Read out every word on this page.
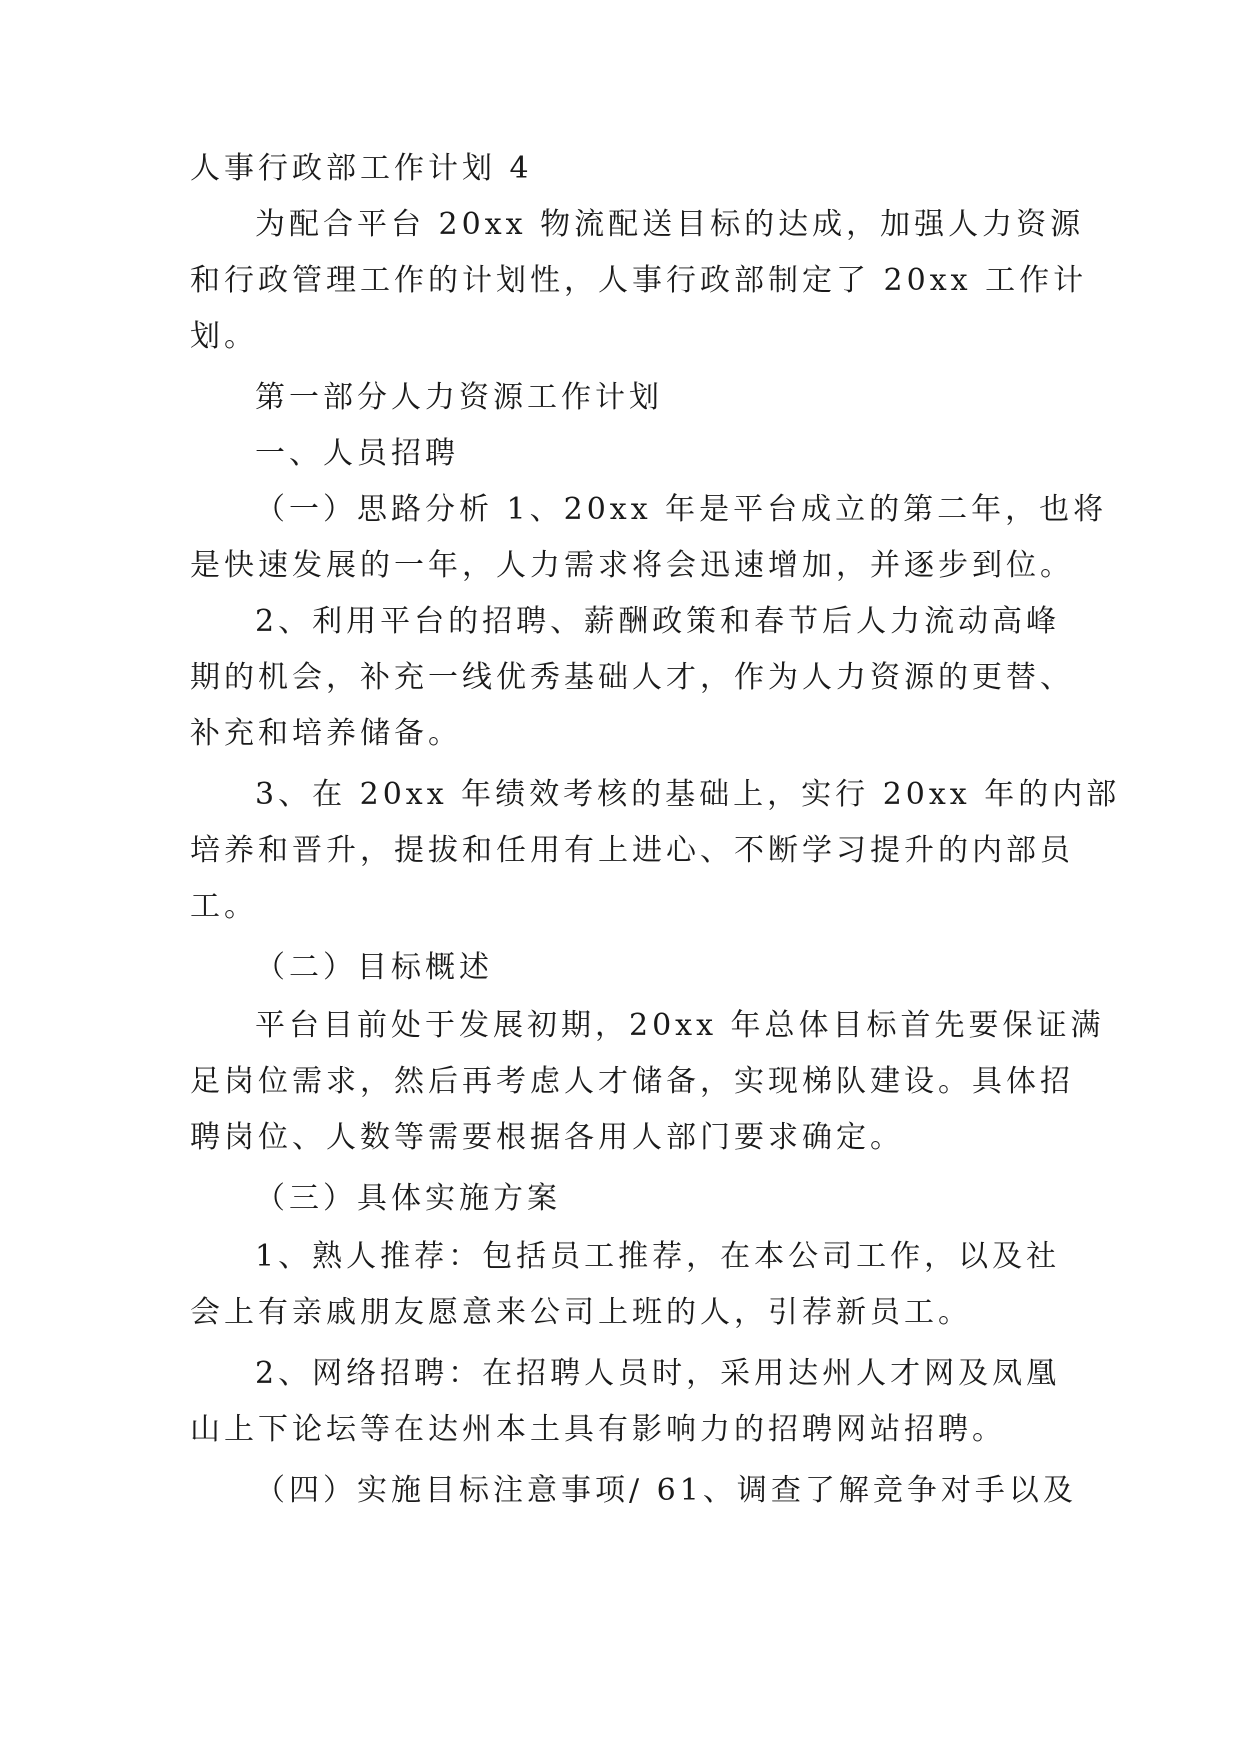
人事行政部工作计划 4
为配合平台 20xx 物流配送目标的达成，加强人力资源
和行政管理工作的计划性，人事行政部制定了 20xx 工作计
划。
第一部分人力资源工作计划
一、人员招聘
（一）思路分析 1、20xx 年是平台成立的第二年，也将
是快速发展的一年，人力需求将会迅速增加，并逐步到位。
2、利用平台的招聘、薪酬政策和春节后人力流动高峰
期的机会，补充一线优秀基础人才，作为人力资源的更替、
补充和培养储备。
3、在 20xx 年绩效考核的基础上，实行 20xx 年的内部
培养和晋升，提拔和任用有上进心、不断学习提升的内部员
工。
（二）目标概述
平台目前处于发展初期，20xx 年总体目标首先要保证满
足岗位需求，然后再考虑人才储备，实现梯队建设。具体招
聘岗位、人数等需要根据各用人部门要求确定。
（三）具体实施方案
1、熟人推荐：包括员工推荐，在本公司工作，以及社
会上有亲戚朋友愿意来公司上班的人，引荐新员工。
2、网络招聘：在招聘人员时，采用达州人才网及凤凰
山上下论坛等在达州本土具有影响力的招聘网站招聘。
（四）实施目标注意事项/ 61、调查了解竞争对手以及
